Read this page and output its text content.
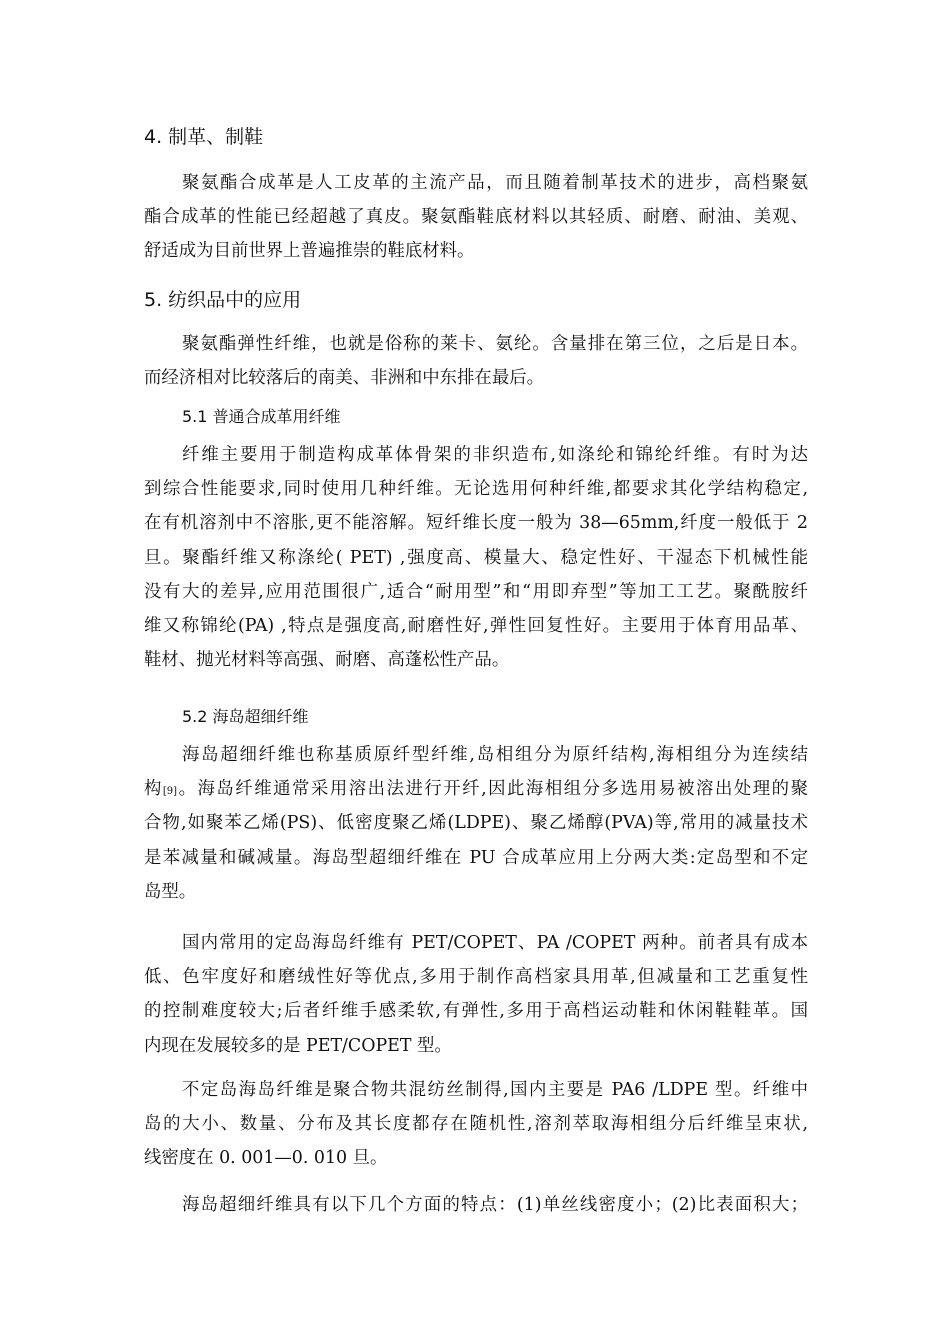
4. 制革、制鞋
聚氨酯合成革是人工皮革的主流产品，而且随着制革技术的进步，高档聚氨
酯合成革的性能已经超越了真皮。聚氨酯鞋底材料以其轻质、耐磨、耐油、美观、
舒适成为目前世界上普遍推崇的鞋底材料。
5. 纺织品中的应用
聚氨酯弹性纤维，也就是俗称的莱卡、氨纶。含量排在第三位，之后是日本。
而经济相对比较落后的南美、非洲和中东排在最后。
5.1 普通合成革用纤维
纤维主要用于制造构成革体骨架的非织造布,如涤纶和锦纶纤维。有时为达
到综合性能要求,同时使用几种纤维。无论选用何种纤维,都要求其化学结构稳定,
在有机溶剂中不溶胀,更不能溶解。短纤维长度一般为 38—65mm,纤度一般低于 2
旦。聚酯纤维又称涤纶( PET) ,强度高、模量大、稳定性好、干湿态下机械性能
没有大的差异,应用范围很广,适合“耐用型”和“用即弃型”等加工工艺。聚酰胺纤
维又称锦纶(PA) ,特点是强度高,耐磨性好,弹性回复性好。主要用于体育用品革、
鞋材、抛光材料等高强、耐磨、高蓬松性产品。
5.2 海岛超细纤维
海岛超细纤维也称基质原纤型纤维,岛相组分为原纤结构,海相组分为连续结
构[9]。海岛纤维通常采用溶出法进行开纤,因此海相组分多选用易被溶出处理的聚
合物,如聚苯乙烯(PS)、低密度聚乙烯(LDPE)、聚乙烯醇(PVA)等,常用的减量技术
是苯减量和碱减量。海岛型超细纤维在 PU 合成革应用上分两大类:定岛型和不定
岛型。
国内常用的定岛海岛纤维有 PET/COPET、PA /COPET 两种。前者具有成本
低、色牢度好和磨绒性好等优点,多用于制作高档家具用革,但减量和工艺重复性
的控制难度较大;后者纤维手感柔软,有弹性,多用于高档运动鞋和休闲鞋鞋革。国
内现在发展较多的是 PET/COPET 型。
不定岛海岛纤维是聚合物共混纺丝制得,国内主要是 PA6 /LDPE 型。纤维中
岛的大小、数量、分布及其长度都存在随机性,溶剂萃取海相组分后纤维呈束状,
线密度在 0. 001—0. 010 旦。
海岛超细纤维具有以下几个方面的特点：(1)单丝线密度小；(2)比表面积大；
